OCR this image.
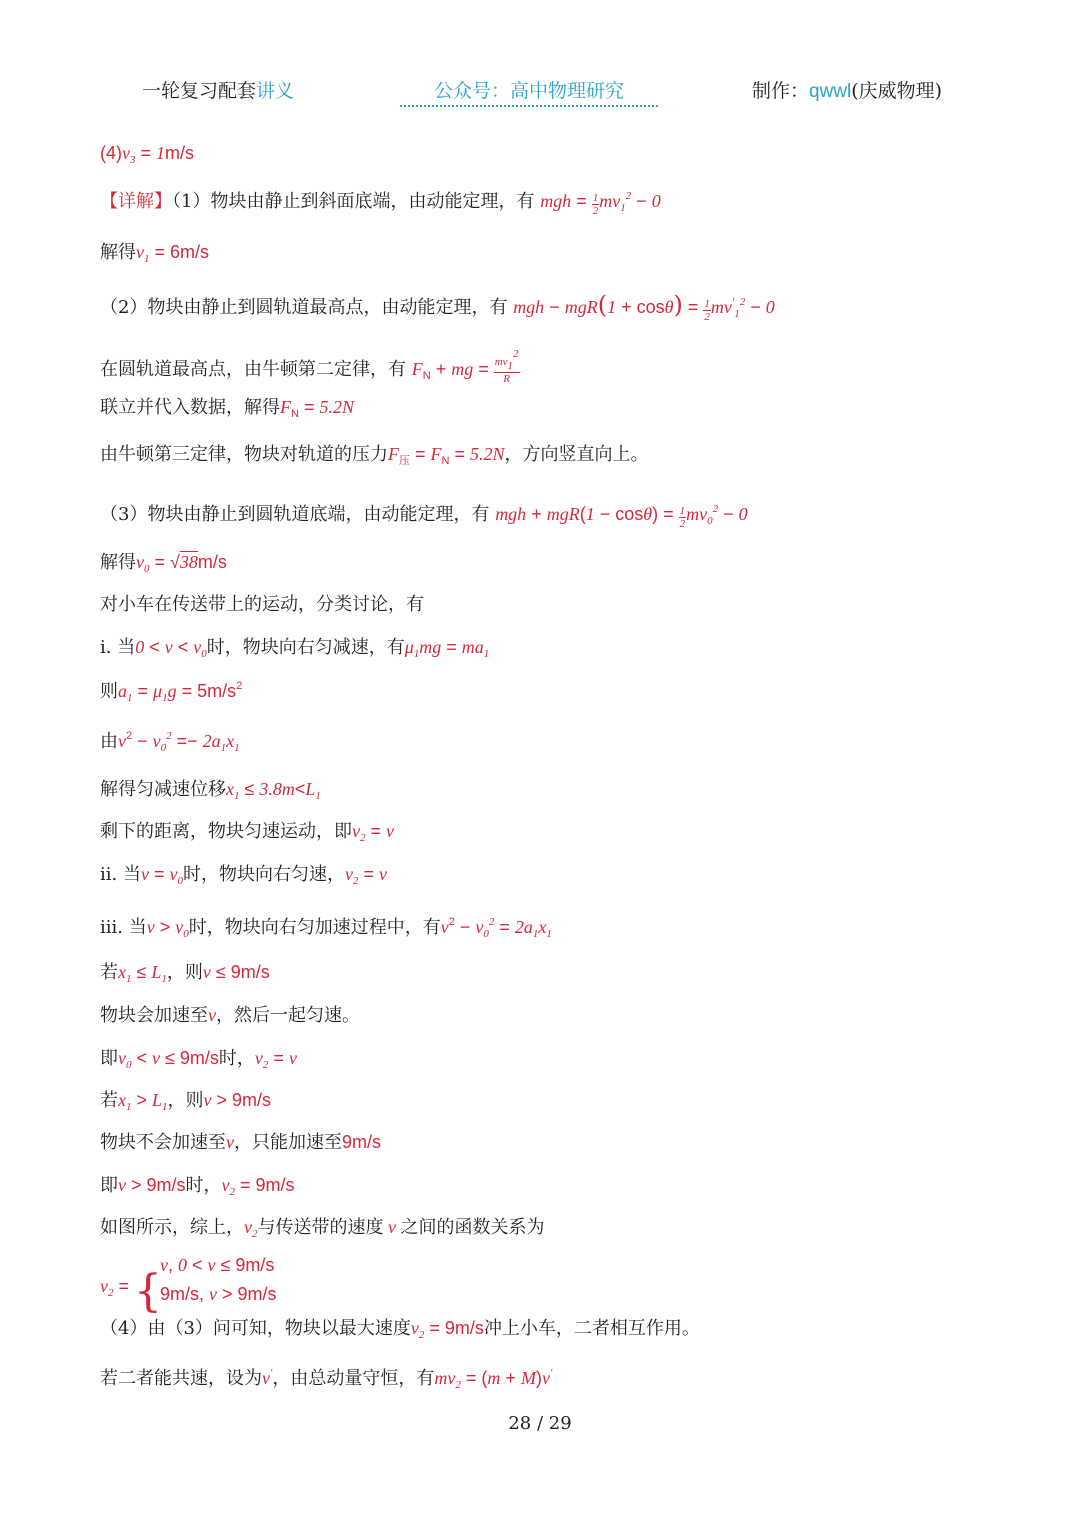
一轮复习配套讲义	公众号：高中物理研究	制作：qwwl(庆威物理)
$(4)v_3 = 1m/s$
【详解】（1）物块由静止到斜面底端，由动能定理，有 mgh = $\frac{1}{2} mv_1^2 - 0$
解得$v_1 = 6m/s$
（2）物块由静止到圆轨道最高点，由动能定理，有 mgh − $mgR(1 + \cos\theta) = \frac{1}{2} mv'_1^2 - 0$
在圆轨道最高点，由牛顿第二定律，有 $F_N$ + mg = $\frac{mv12}{R}$
联立并代入数据，解得$F_N = 5.2N$
由牛顿第三定律，物块对轨道的压力$F_压 = F_N = 5.2N$，方向竖直向上。
（3）物块由静止到圆轨道底端，由动能定理，有 mgh + $mgR(1 - \cos\theta) = \frac{1}{2} mv_0^2 - 0$
解得$v_0 = √38m/s$
对小车在传送带上的运动，分类讨论，有
i. 当$0 < v < v_0$时，物块向右匀减速，有$\mu_1mg = ma_1$
则$a_1 = \mu_1g = 5m/s^2$
由$v^2 - v_0^2 =- 2a_1x_1$
解得匀减速位移$x_1 \le 3.8m<L_1$
剩下的距离，物块匀速运动，即$v_2 = v$
ii. 当$v = v_0$时，物块向右匀速，$v_2 = v$
iii. 当$v > v_0$时，物块向右匀加速过程中，有$v^2 - v_0^2 = 2a_1x_1$
若$x_1 \le L_1$，则v ≤ 9m/s
物块会加速至v，然后一起匀速。
即$v_0 < v \le 9m/s$时，$v_2 = v$
若$x_1 > L_1$，则v > 9m/s
物块不会加速至v，只能加速至9m/s
即v > 9m/s时，$v_2 = 9m/s$
如图所示，综上，$v_2$与传送带的速度 v 之间的函数关系为
$v_2$ = {
v, 0 < v ≤ 9m/s
9m/s, v > 9m/s
（4）由（3）问可知，物块以最大速度$v_2 = 9m/s$冲上小车，二者相互作用。
若二者能共速，设为v′，由总动量守恒，有$mv_2 = (m + M)v'$
28 / 29
